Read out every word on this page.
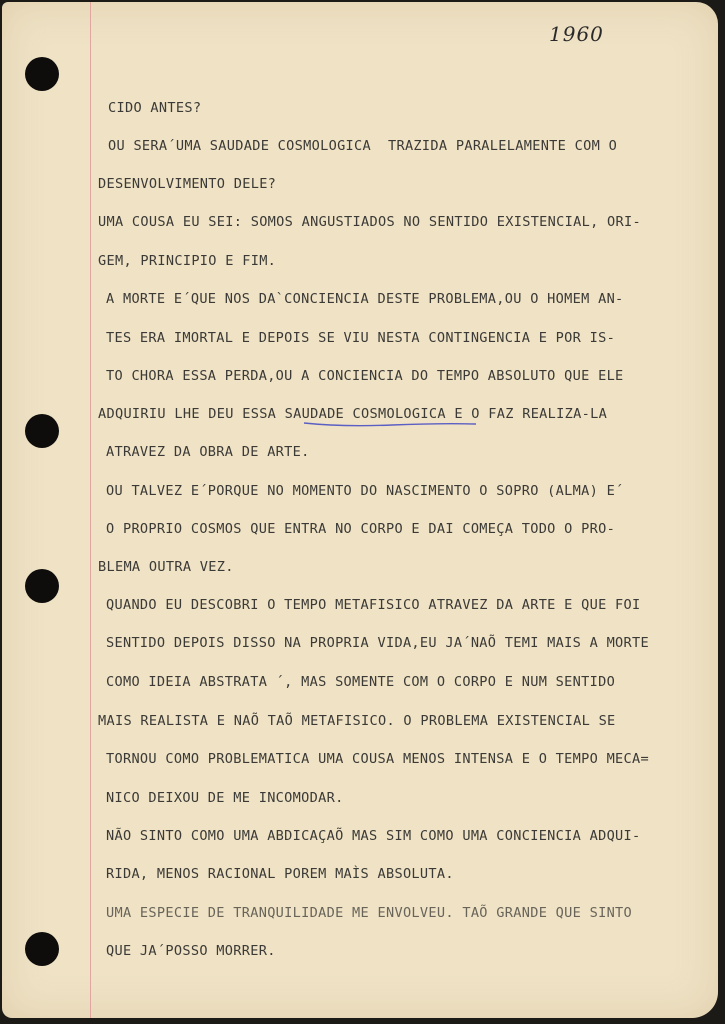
1960
CIDO ANTES?
OU SERA´UMA SAUDADE COSMOLOGICA  TRAZIDA PARALELAMENTE COM O
DESENVOLVIMENTO DELE?
UMA COUSA EU SEI: SOMOS ANGUSTIADOS NO SENTIDO EXISTENCIAL, ORI-
GEM, PRINCIPIO E FIM.
A MORTE E´QUE NOS DA`CONCIENCIA DESTE PROBLEMA,OU O HOMEM AN-
TES ERA IMORTAL E DEPOIS SE VIU NESTA CONTINGENCIA E POR IS-
TO CHORA ESSA PERDA,OU A CONCIENCIA DO TEMPO ABSOLUTO QUE ELE
ADQUIRIU LHE DEU ESSA SAUDADE COSMOLOGICA E O FAZ REALIZA-LA
ATRAVEZ DA OBRA DE ARTE.
OU TALVEZ E´PORQUE NO MOMENTO DO NASCIMENTO O SOPRO (ALMA) E´
O PROPRIO COSMOS QUE ENTRA NO CORPO E DAI COMEÇA TODO O PRO-
BLEMA OUTRA VEZ.
QUANDO EU DESCOBRI O TEMPO METAFISICO ATRAVEZ DA ARTE E QUE FOI
SENTIDO DEPOIS DISSO NA PROPRIA VIDA,EU JA´NAÕ TEMI MAIS A MORTE
COMO IDEIA ABSTRATA ´, MAS SOMENTE COM O CORPO E NUM SENTIDO
MAIS REALISTA E NAÕ TAÕ METAFISICO. O PROBLEMA EXISTENCIAL SE
TORNOU COMO PROBLEMATICA UMA COUSA MENOS INTENSA E O TEMPO MECA=
NICO DEIXOU DE ME INCOMODAR.
NÃO SINTO COMO UMA ABDICAÇAÕ MAS SIM COMO UMA CONCIENCIA ADQUI-
RIDA, MENOS RACIONAL POREM MAÌS ABSOLUTA.
UMA ESPECIE DE TRANQUILIDADE ME ENVOLVEU. TAÕ GRANDE QUE SINTO
QUE JA´POSSO MORRER.
